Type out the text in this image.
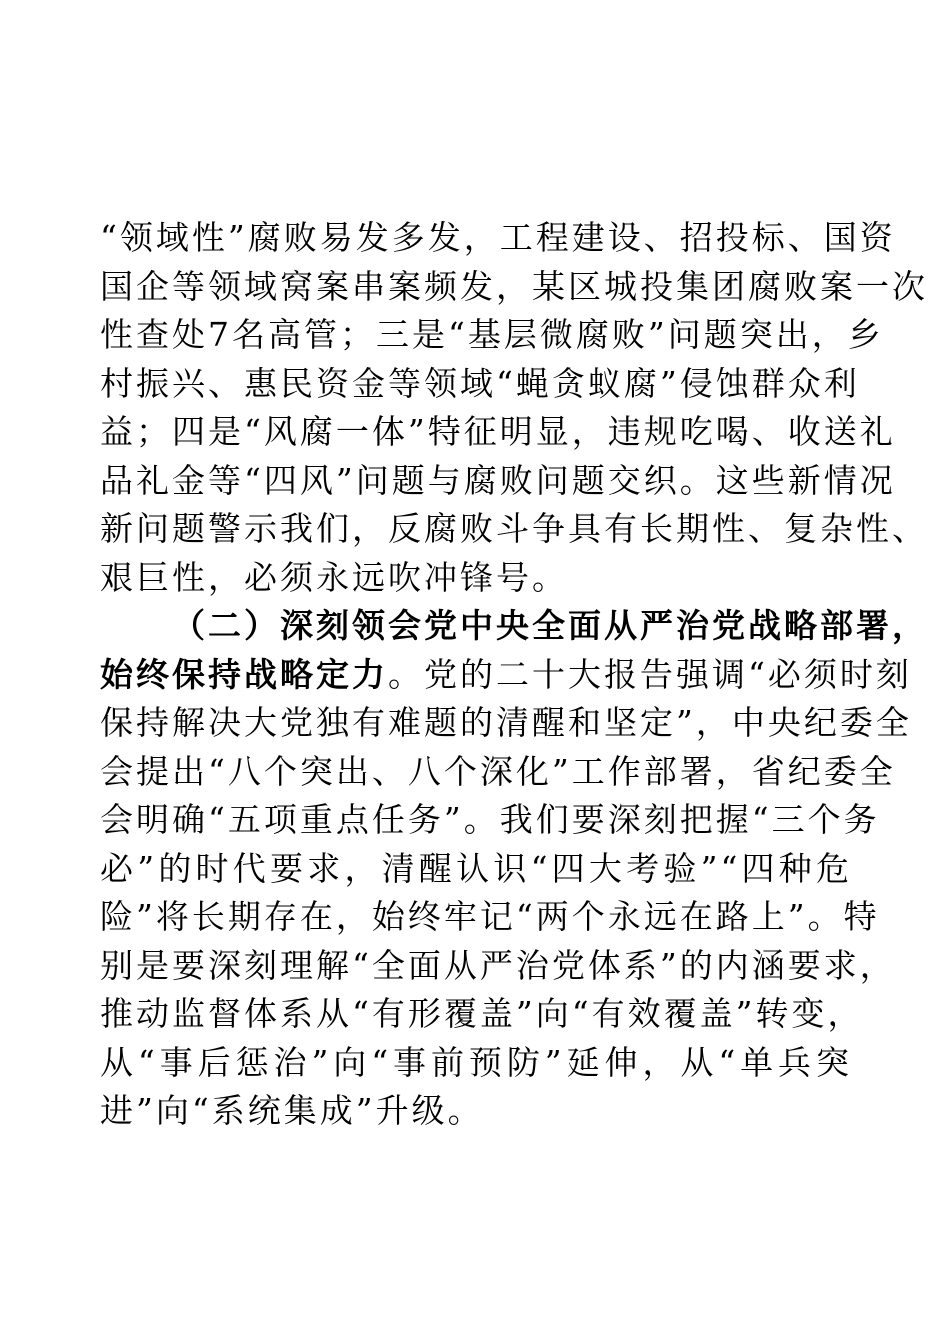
“领域性”腐败易发多发，工程建设、招投标、国资
国企等领域窝案串案频发，某区城投集团腐败案一次
性查处7名高管；三是“基层微腐败”问题突出，乡
村振兴、惠民资金等领域“蝇贪蚁腐”侵蚀群众利
益；四是“风腐一体”特征明显，违规吃喝、收送礼
品礼金等“四风”问题与腐败问题交织。这些新情况
新问题警示我们，反腐败斗争具有长期性、复杂性、
艰巨性，必须永远吹冲锋号。
（二）深刻领会党中央全面从严治党战略部署，
始终保持战略定力。党的二十大报告强调“必须时刻
保持解决大党独有难题的清醒和坚定”，中央纪委全
会提出“八个突出、八个深化”工作部署，省纪委全
会明确“五项重点任务”。我们要深刻把握“三个务
必”的时代要求，清醒认识“四大考验”“四种危
险”将长期存在，始终牢记“两个永远在路上”。特
别是要深刻理解“全面从严治党体系”的内涵要求，
推动监督体系从“有形覆盖”向“有效覆盖”转变，
从“事后惩治”向“事前预防”延伸，从“单兵突
进”向“系统集成”升级。
